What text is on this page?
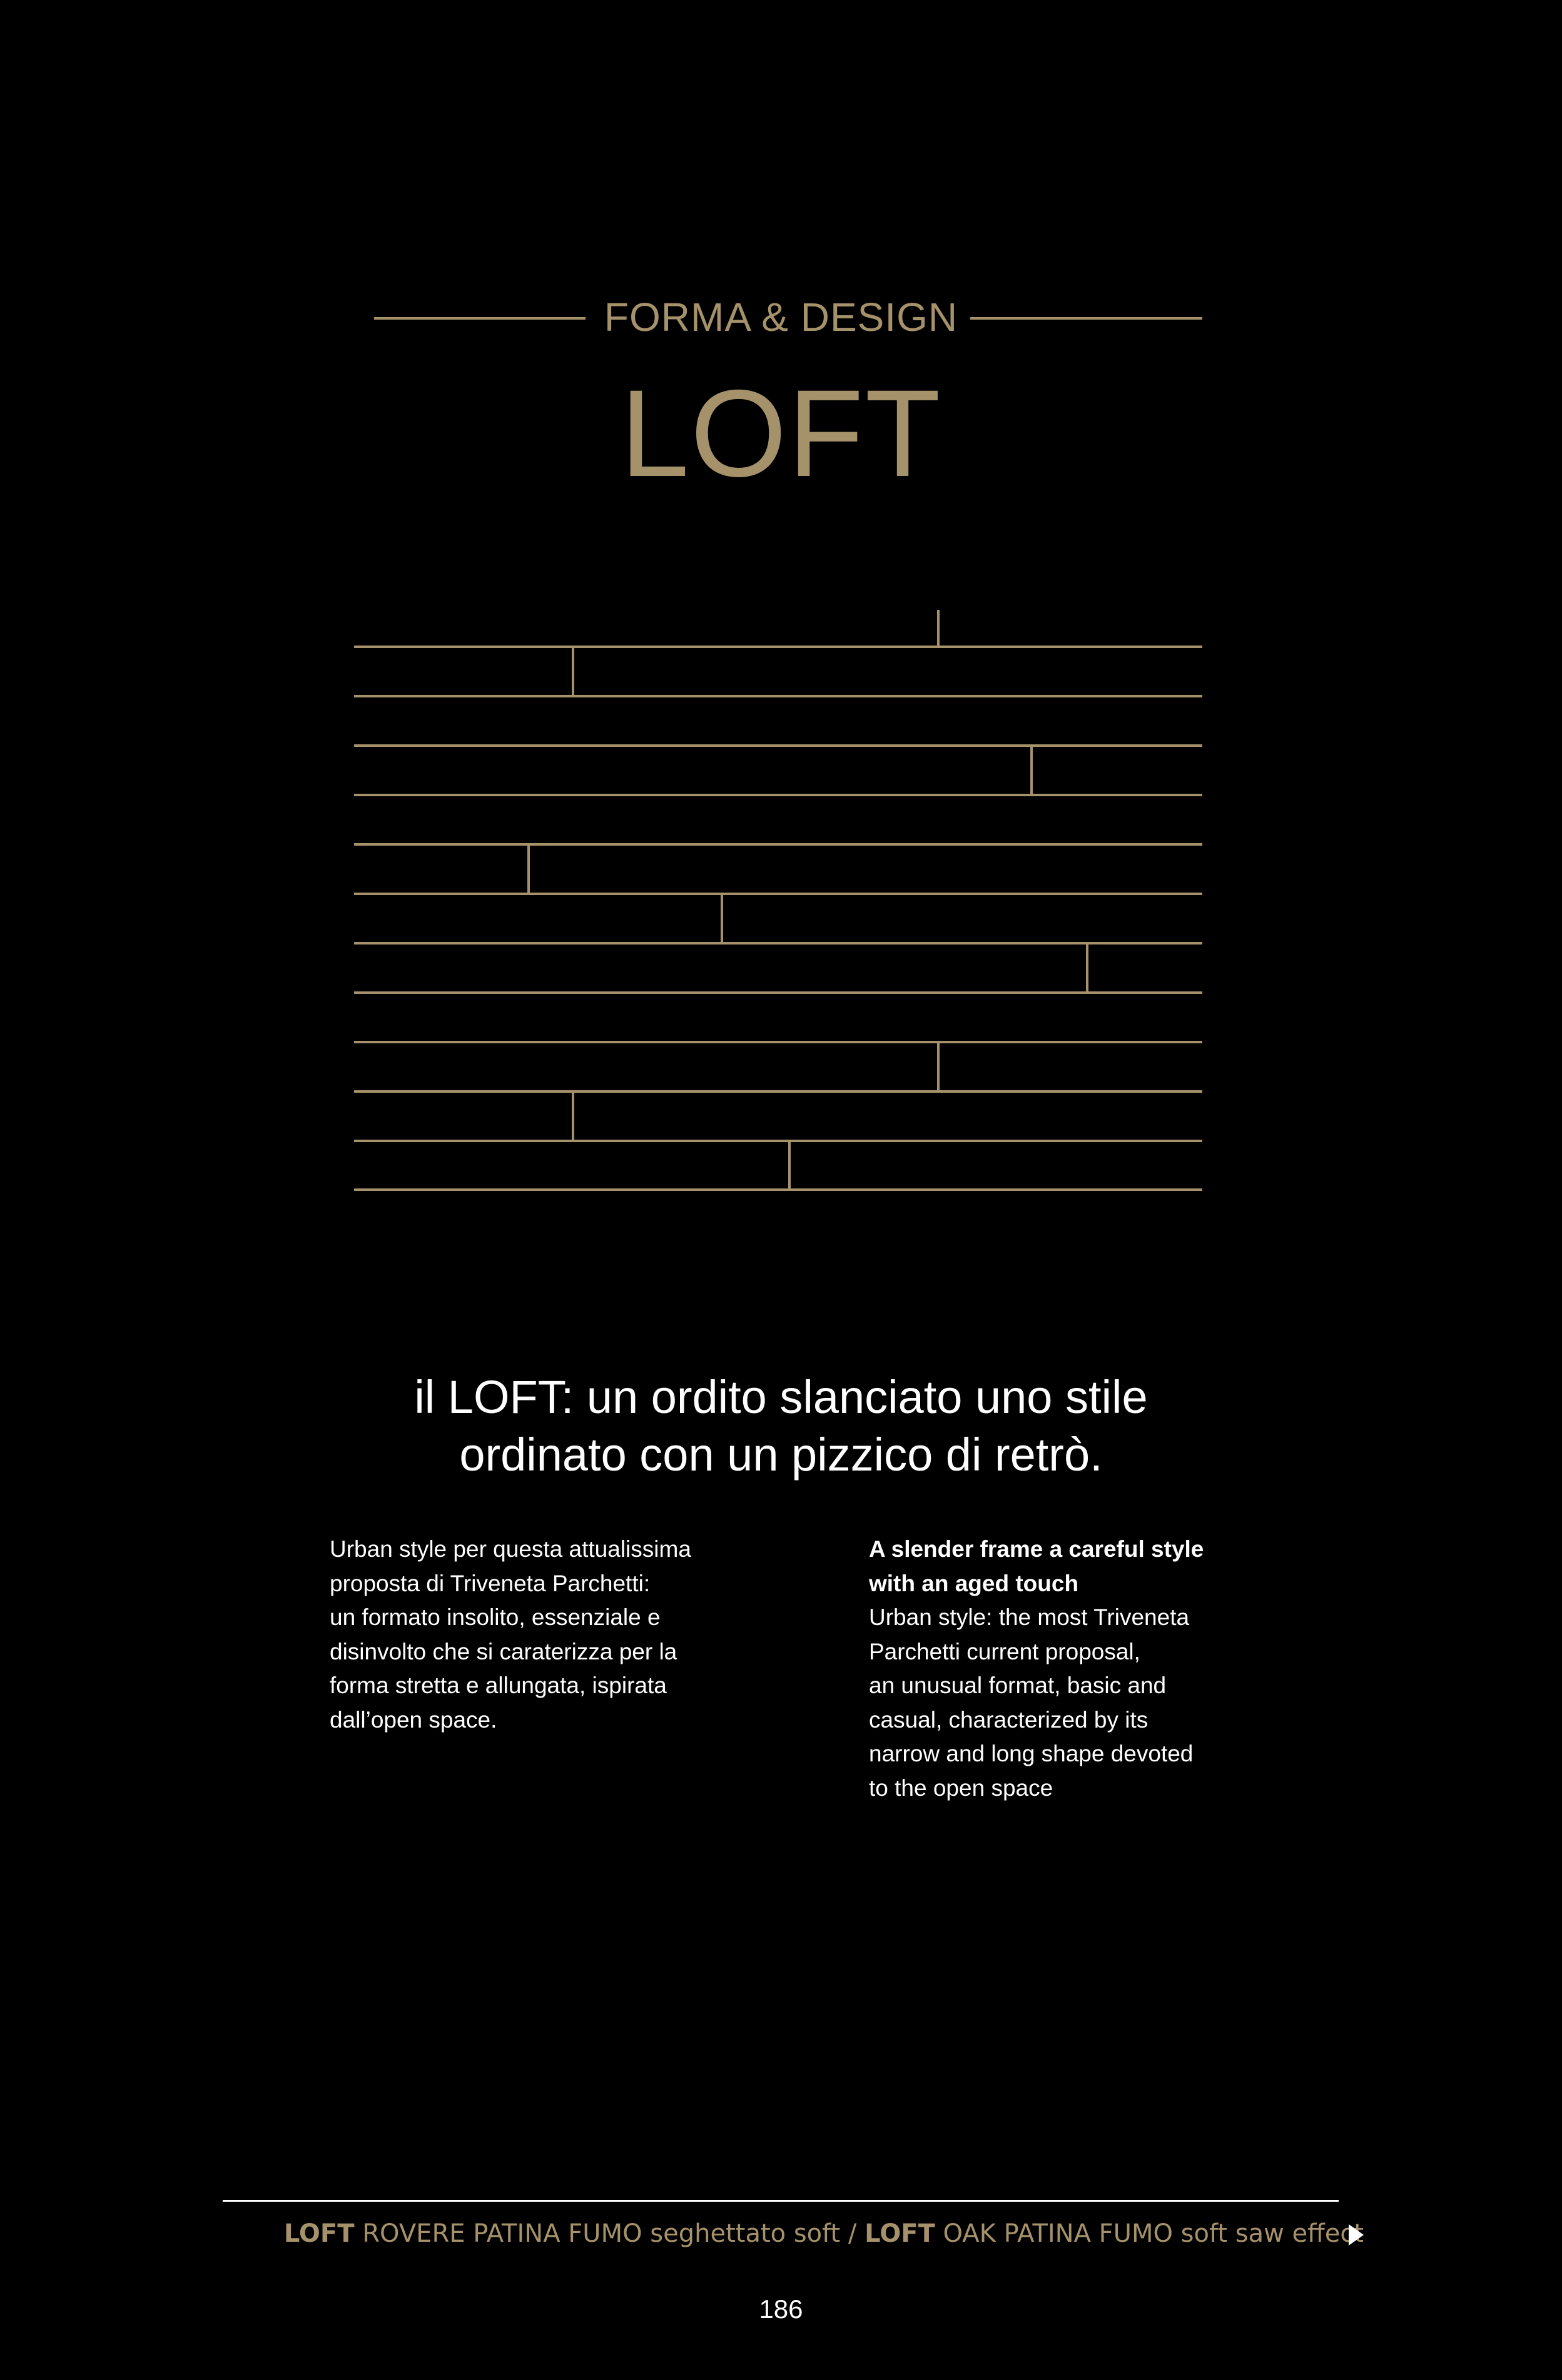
FORMA & DESIGN
LOFT
il LOFT: un ordito slanciato uno stile
ordinato con un pizzico di retrò.
Urban style per questa attualissima
proposta di Triveneta Parchetti:
un formato insolito, essenziale e
disinvolto che si caraterizza per la
forma stretta e allungata, ispirata
dall’open space.
A slender frame a careful style
with an aged touch
Urban style: the most Triveneta
Parchetti current proposal,
an unusual format, basic and
casual, characterized by its
narrow and long shape devoted
to the open space
LOFT ROVERE PATINA FUMO seghettato soft / LOFT OAK PATINA FUMO soft saw effect
186
